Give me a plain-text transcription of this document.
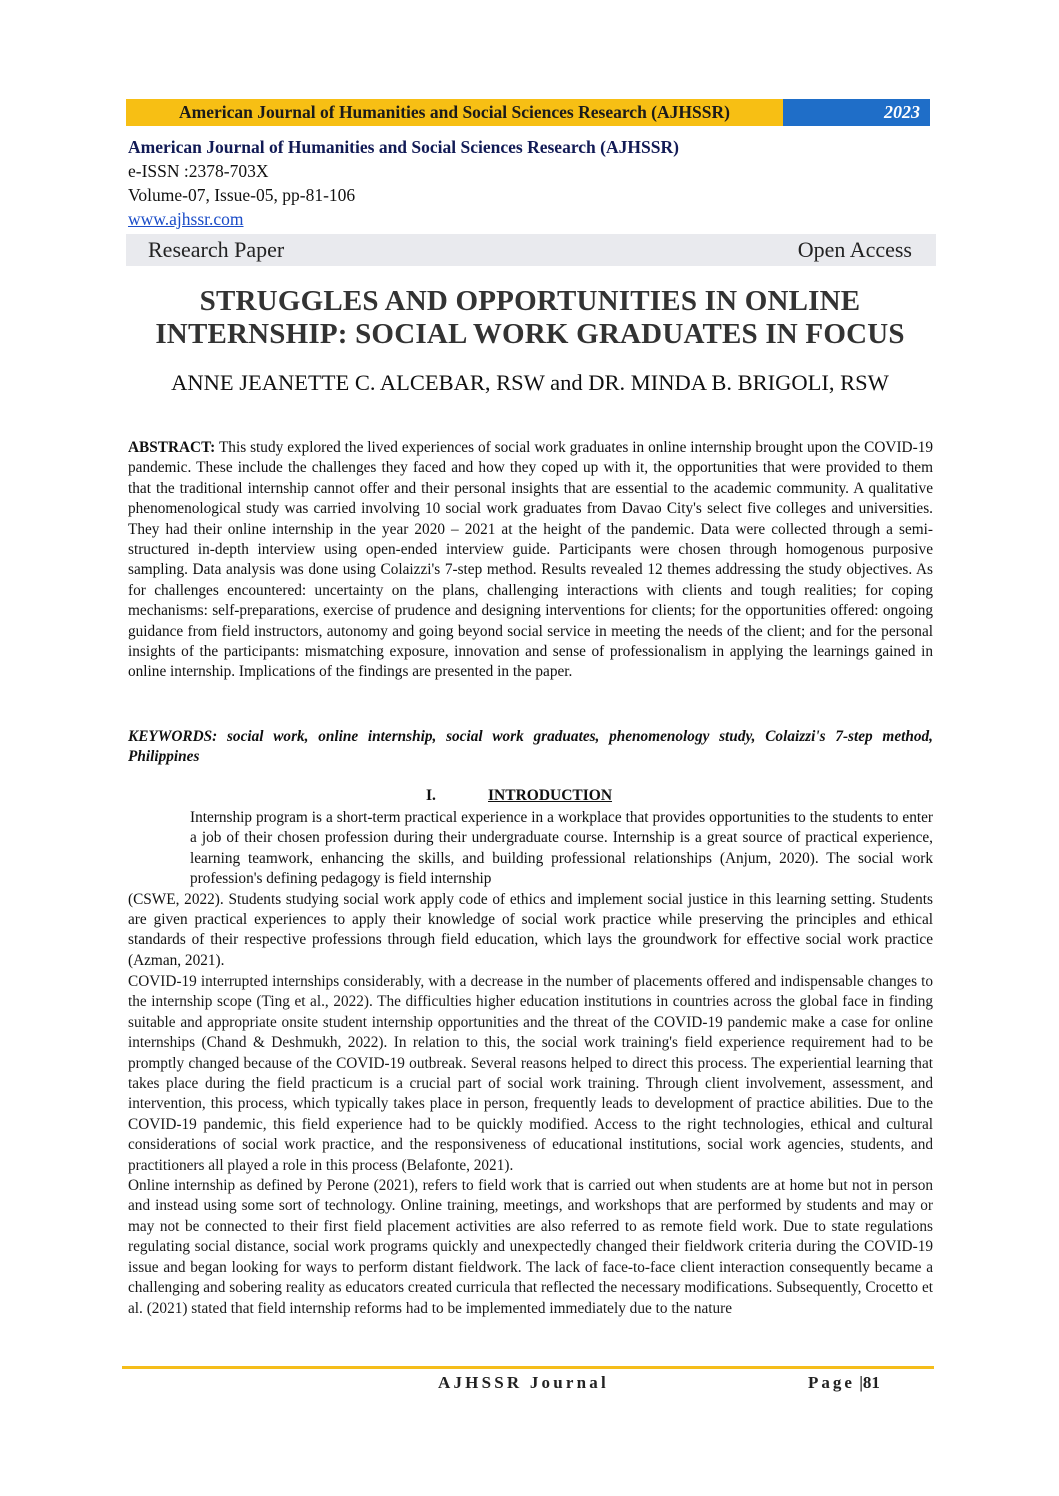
American Journal of Humanities and Social Sciences Research (AJHSSR)	2023
American Journal of Humanities and Social Sciences Research (AJHSSR)
e-ISSN :2378-703X
Volume-07, Issue-05, pp-81-106
www.ajhssr.com
Research Paper	Open Access
STRUGGLES AND OPPORTUNITIES IN ONLINE
INTERNSHIP: SOCIAL WORK GRADUATES IN FOCUS
ANNE JEANETTE C. ALCEBAR, RSW and DR. MINDA B. BRIGOLI, RSW
ABSTRACT: This study explored the lived experiences of social work graduates in online internship brought upon the COVID-19 pandemic. These include the challenges they faced and how they coped up with it, the opportunities that were provided to them that the traditional internship cannot offer and their personal insights that are essential to the academic community. A qualitative phenomenological study was carried involving 10 social work graduates from Davao City's select five colleges and universities. They had their online internship in the year 2020 – 2021 at the height of the pandemic. Data were collected through a semi-structured in-depth interview using open-ended interview guide. Participants were chosen through homogenous purposive sampling. Data analysis was done using Colaizzi's 7-step method. Results revealed 12 themes addressing the study objectives. As for challenges encountered: uncertainty on the plans, challenging interactions with clients and tough realities; for coping mechanisms: self-preparations, exercise of prudence and designing interventions for clients; for the opportunities offered: ongoing guidance from field instructors, autonomy and going beyond social service in meeting the needs of the client; and for the personal insights of the participants: mismatching exposure, innovation and sense of professionalism in applying the learnings gained in online internship. Implications of the findings are presented in the paper.
KEYWORDS: social work, online internship, social work graduates, phenomenology study, Colaizzi's 7-step method, Philippines
I.	INTRODUCTION
Internship program is a short-term practical experience in a workplace that provides opportunities to the students to enter a job of their chosen profession during their undergraduate course. Internship is a great source of practical experience, learning teamwork, enhancing the skills, and building professional relationships (Anjum, 2020). The social work profession's defining pedagogy is field internship
(CSWE, 2022). Students studying social work apply code of ethics and implement social justice in this learning setting. Students are given practical experiences to apply their knowledge of social work practice while preserving the principles and ethical standards of their respective professions through field education, which lays the groundwork for effective social work practice (Azman, 2021).
COVID-19 interrupted internships considerably, with a decrease in the number of placements offered and indispensable changes to the internship scope (Ting et al., 2022). The difficulties higher education institutions in countries across the global face in finding suitable and appropriate onsite student internship opportunities and the threat of the COVID-19 pandemic make a case for online internships (Chand & Deshmukh, 2022). In relation to this, the social work training's field experience requirement had to be promptly changed because of the COVID-19 outbreak. Several reasons helped to direct this process. The experiential learning that takes place during the field practicum is a crucial part of social work training. Through client involvement, assessment, and intervention, this process, which typically takes place in person, frequently leads to development of practice abilities. Due to the COVID-19 pandemic, this field experience had to be quickly modified. Access to the right technologies, ethical and cultural considerations of social work practice, and the responsiveness of educational institutions, social work agencies, students, and practitioners all played a role in this process (Belafonte, 2021).
Online internship as defined by Perone (2021), refers to field work that is carried out when students are at home but not in person and instead using some sort of technology. Online training, meetings, and workshops that are performed by students and may or may not be connected to their first field placement activities are also referred to as remote field work. Due to state regulations regulating social distance, social work programs quickly and unexpectedly changed their fieldwork criteria during the COVID-19 issue and began looking for ways to perform distant fieldwork. The lack of face-to-face client interaction consequently became a challenging and sobering reality as educators created curricula that reflected the necessary modifications. Subsequently, Crocetto et al. (2021) stated that field internship reforms had to be implemented immediately due to the nature
AJHSSR Journal	Page |81
